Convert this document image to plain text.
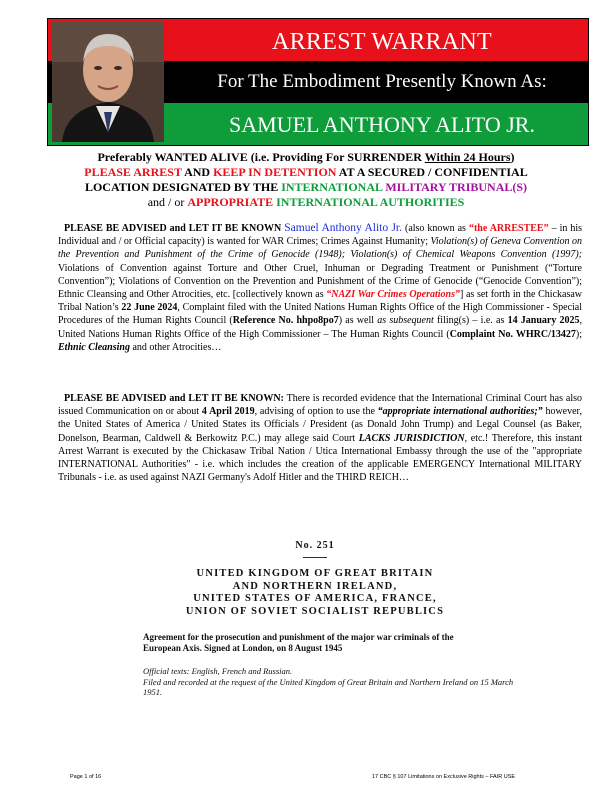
ARREST WARRANT
For The Embodiment Presently Known As:
SAMUEL ANTHONY ALITO JR.
Preferably WANTED ALIVE (i.e. Providing For SURRENDER Within 24 Hours)
PLEASE ARREST AND KEEP IN DETENTION AT A SECURED / CONFIDENTIAL
LOCATION DESIGNATED BY THE INTERNATIONAL MILITARY TRIBUNAL(S)
and / or APPROPRIATE INTERNATIONAL AUTHORITIES
PLEASE BE ADVISED and LET IT BE KNOWN Samuel Anthony Alito Jr. (also known as “the ARRESTEE” – in his Individual and / or Official capacity) is wanted for WAR Crimes; Crimes Against Humanity; Violation(s) of Geneva Convention on the Prevention and Punishment of the Crime of Genocide (1948); Violation(s) of Chemical Weapons Convention (1997); Violations of Convention against Torture and Other Cruel, Inhuman or Degrading Treatment or Punishment (“Torture Convention”); Violations of Convention on the Prevention and Punishment of the Crime of Genocide (“Genocide Convention”); Ethnic Cleansing and Other Atrocities, etc. [collectively known as “NAZI War Crimes Operations”] as set forth in the Chickasaw Tribal Nation’s 22 June 2024, Complaint filed with the United Nations Human Rights Office of the High Commissioner - Special Procedures of the Human Rights Council (Reference No. hhpo8po7) as well as subsequent filing(s) – i.e. as 14 January 2025, United Nations Human Rights Office of the High Commissioner – The Human Rights Council (Complaint No. WHRC/13427); Ethnic Cleansing and other Atrocities…
PLEASE BE ADVISED and LET IT BE KNOWN: There is recorded evidence that the International Criminal Court has also issued Communication on or about 4 April 2019, advising of option to use the “appropriate international authorities;” however, the United States of America / United States its Officials / President (as Donald John Trump) and Legal Counsel (as Baker, Donelson, Bearman, Caldwell & Berkowitz P.C.) may allege said Court LACKS JURISDICTION, etc.! Therefore, this instant Arrest Warrant is executed by the Chickasaw Tribal Nation / Utica International Embassy through the use of the "appropriate INTERNATIONAL Authorities" - i.e. which includes the creation of the applicable EMERGENCY International MILITARY Tribunals - i.e. as used against NAZI Germany's Adolf Hitler and the THIRD REICH…
No. 251
UNITED KINGDOM OF GREAT BRITAIN
AND NORTHERN IRELAND,
UNITED STATES OF AMERICA, FRANCE,
UNION OF SOVIET SOCIALIST REPUBLICS
Agreement for the prosecution and punishment of the major war criminals of the European Axis. Signed at London, on 8 August 1945
Official texts: English, French and Russian.
Filed and recorded at the request of the United Kingdom of Great Britain and Northern Ireland on 15 March 1951.
Page 1 of 16	17 CBC § 107 Limitations on Exclusive Rights – FAIR USE
